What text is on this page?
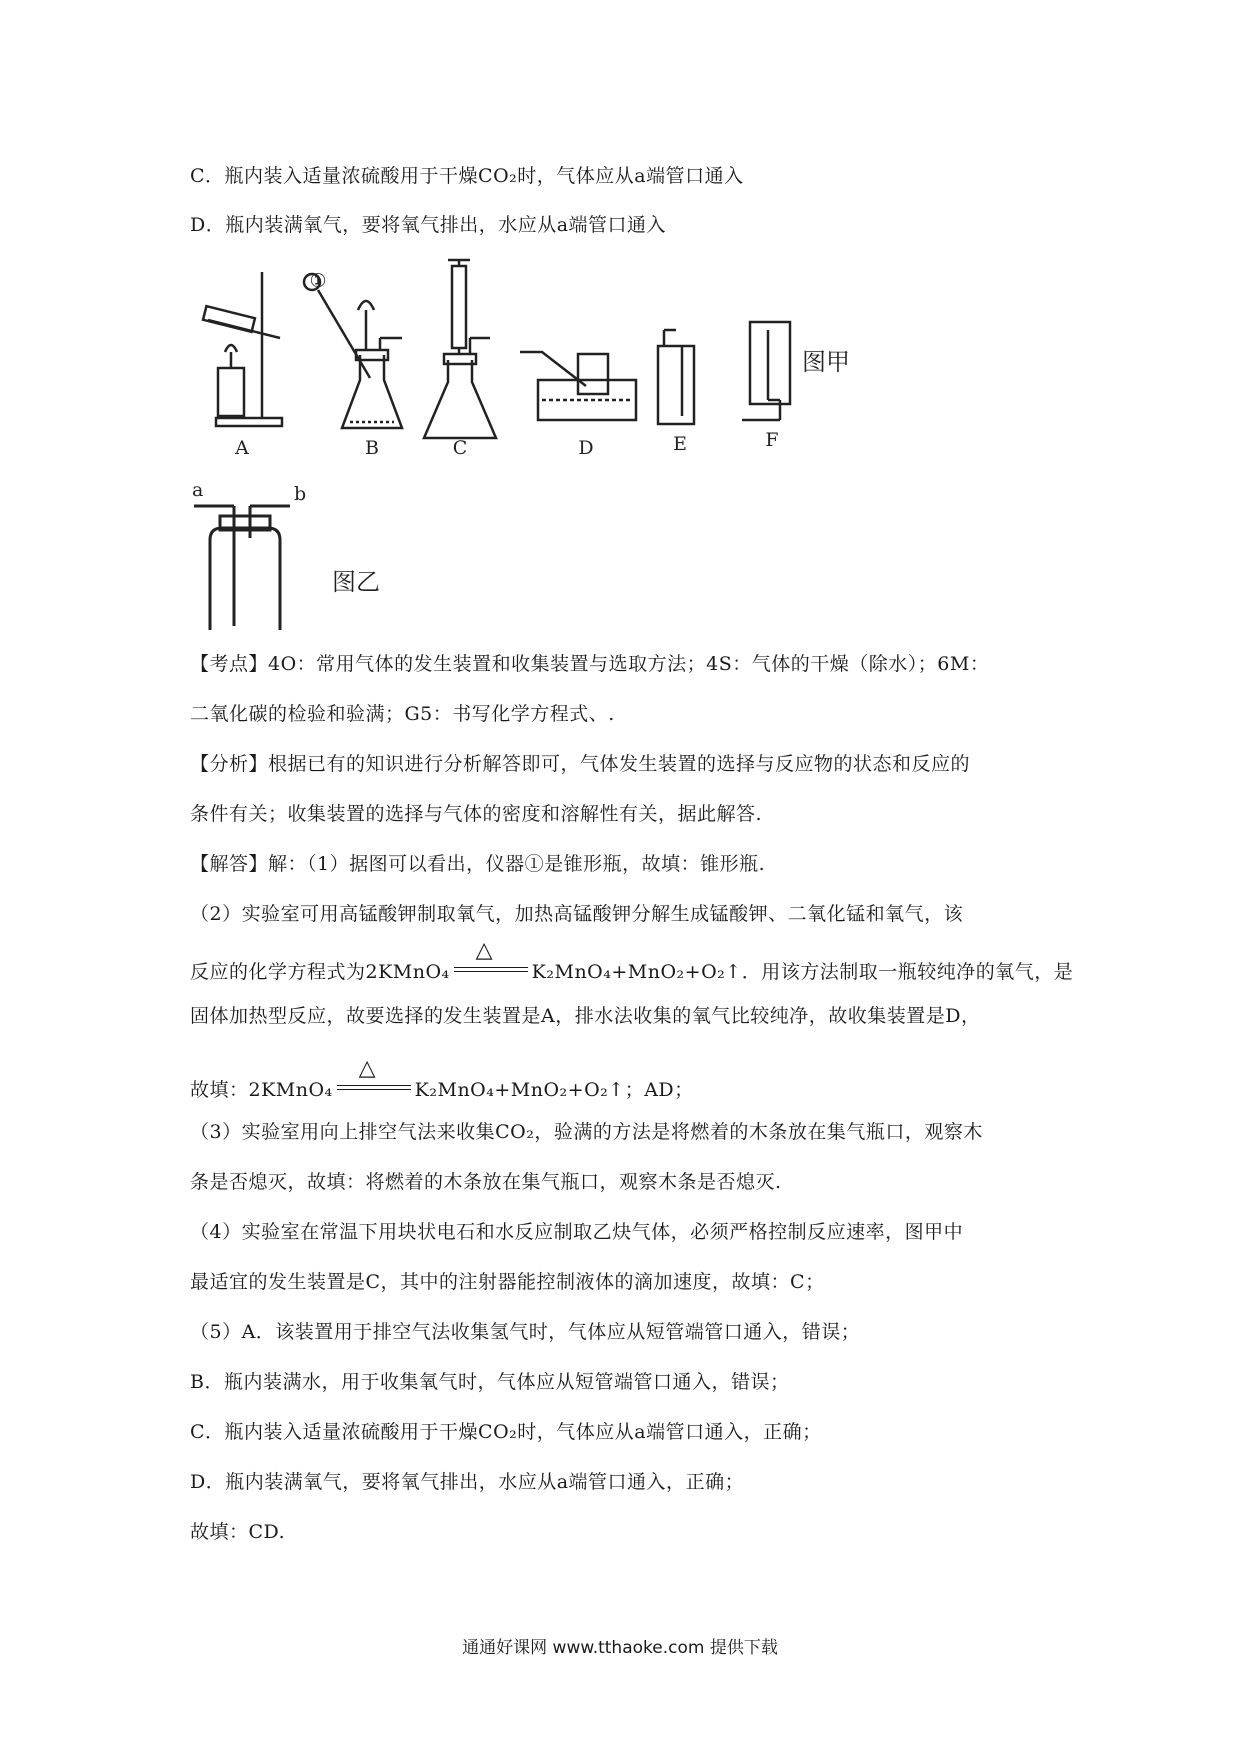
C．瓶内装入适量浓硫酸用于干燥CO₂时，气体应从a端管口通入
D．瓶内装满氧气，要将氧气排出，水应从a端管口通入
①
A	B	C	D	E	F
图甲
a	b
图乙
【考点】4O：常用气体的发生装置和收集装置与选取方法；4S：气体的干燥（除水）；6M：
二氧化碳的检验和验满；G5：书写化学方程式、.
【分析】根据已有的知识进行分析解答即可，气体发生装置的选择与反应物的状态和反应的
条件有关；收集装置的选择与气体的密度和溶解性有关，据此解答.
【解答】解：（1）据图可以看出，仪器①是锥形瓶，故填：锥形瓶.
（2）实验室可用高锰酸钾制取氧气，加热高锰酸钾分解生成锰酸钾、二氧化锰和氧气，该
反应的化学方程式为2KMnO₄
△
K₂MnO₄+MnO₂+O₂↑．用该方法制取一瓶较纯净的氧气，是
固体加热型反应，故要选择的发生装置是A，排水法收集的氧气比较纯净，故收集装置是D，
故填：2KMnO₄
△
K₂MnO₄+MnO₂+O₂↑；AD；
（3）实验室用向上排空气法来收集CO₂，验满的方法是将燃着的木条放在集气瓶口，观察木
条是否熄灭，故填：将燃着的木条放在集气瓶口，观察木条是否熄灭.
（4）实验室在常温下用块状电石和水反应制取乙炔气体，必须严格控制反应速率，图甲中
最适宜的发生装置是C，其中的注射器能控制液体的滴加速度，故填：C；
（5）A．该装置用于排空气法收集氢气时，气体应从短管端管口通入，错误；
B．瓶内装满水，用于收集氧气时，气体应从短管端管口通入，错误；
C．瓶内装入适量浓硫酸用于干燥CO₂时，气体应从a端管口通入，正确；
D．瓶内装满氧气，要将氧气排出，水应从a端管口通入，正确；
故填：CD.
通通好课网 www.tthaoke.com 提供下载
